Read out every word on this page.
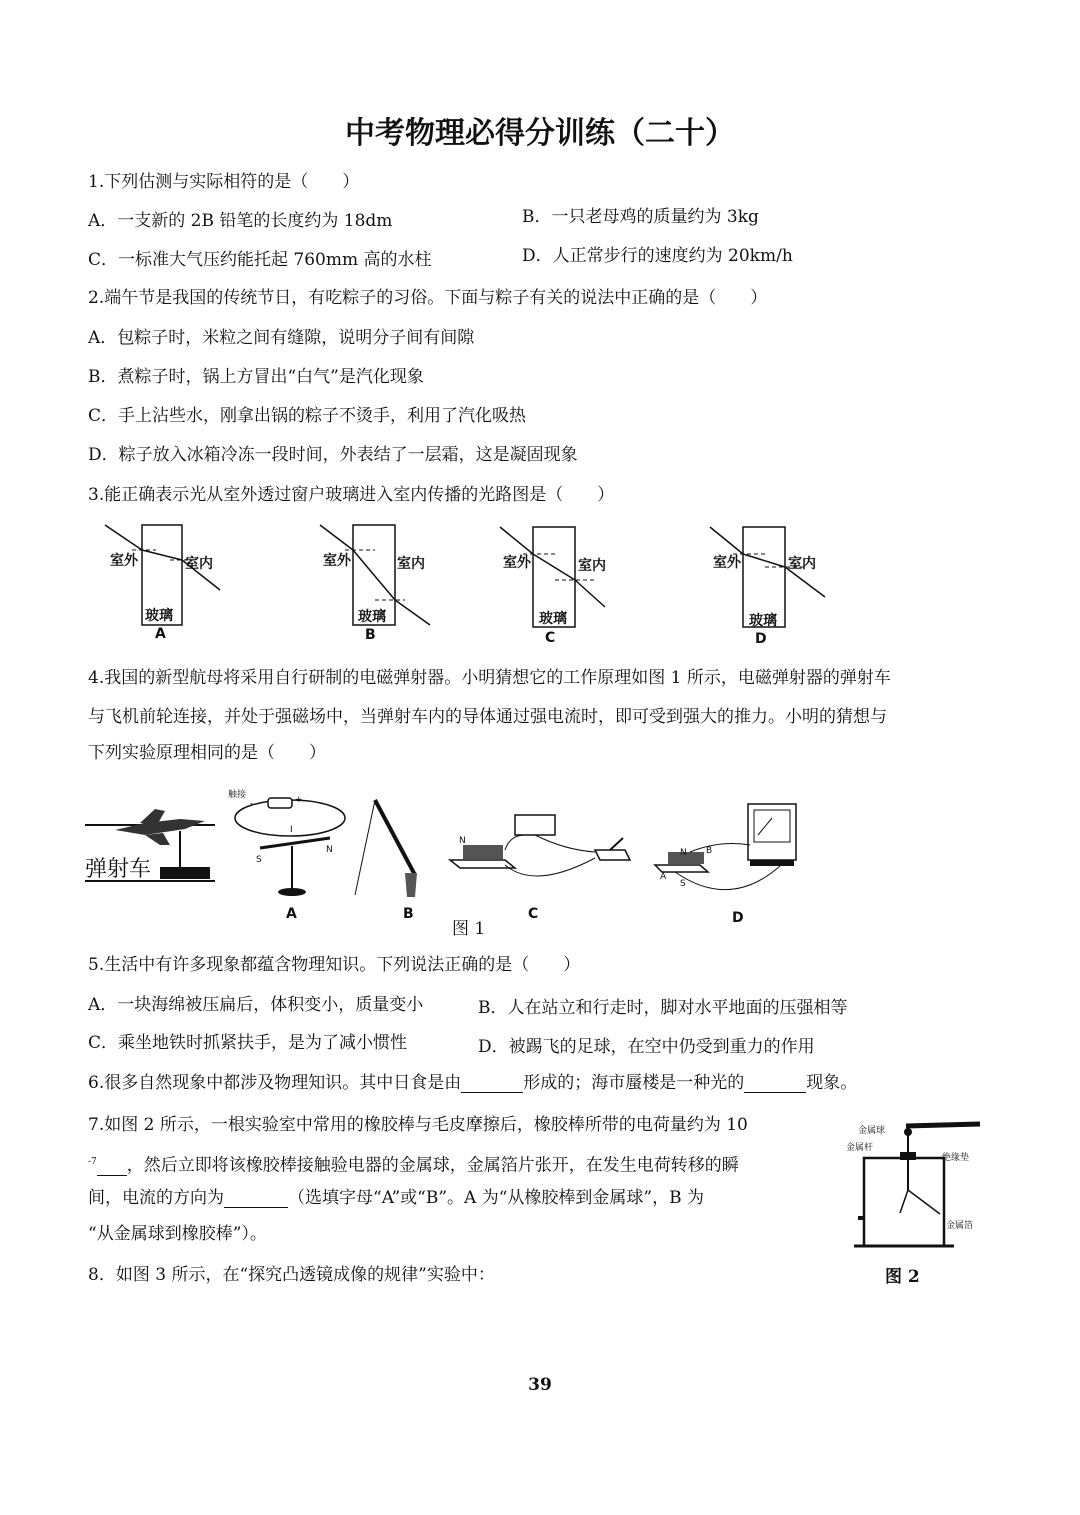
中考物理必得分训练（二十）
1.下列估测与实际相符的是（　　）
A．一支新的 2B 铅笔的长度约为 18dm	B．一只老母鸡的质量约为 3kg
C．一标准大气压约能托起 760mm 高的水柱	D．人正常步行的速度约为 20km/h
2.端午节是我国的传统节日，有吃粽子的习俗。下面与粽子有关的说法中正确的是（　　）
A．包粽子时，米粒之间有缝隙，说明分子间有间隙
B．煮粽子时，锅上方冒出“白气”是汽化现象
C．手上沾些水，刚拿出锅的粽子不烫手，利用了汽化吸热
D．粽子放入冰箱冷冻一段时间，外表结了一层霜，这是凝固现象
3.能正确表示光从室外透过窗户玻璃进入室内传播的光路图是（　　）
室外	室内
玻璃
A
室外	室内
玻璃
B
室外	室内
玻璃
C
室外	室内
玻璃
D
4.我国的新型航母将采用自行研制的电磁弹射器。小明猜想它的工作原理如图 1 所示，电磁弹射器的弹射车
与飞机前轮连接，并处于强磁场中，当弹射车内的导体通过强电流时，即可受到强大的推力。小明的猜想与
下列实验原理相同的是（　　）
弹射车
触接	+
-
I
S
N
A	B
图 1
N
C
N
S
B
A
D
5.生活中有许多现象都蕴含物理知识。下列说法正确的是（　　）
A．一块海绵被压扁后，体积变小，质量变小	B．人在站立和行走时，脚对水平地面的压强相等
C．乘坐地铁时抓紧扶手，是为了减小惯性	D．被踢飞的足球，在空中仍受到重力的作用
6.很多自然现象中都涉及物理知识。其中日食是由	形成的；海市蜃楼是一种光的	现象。
7.如图 2 所示，一根实验室中常用的橡胶棒与毛皮摩擦后，橡胶棒所带的电荷量约为 10
$^{-7}$ ，然后立即将该橡胶棒接触验电器的金属球，金属箔片张开，在发生电荷转移的瞬
间，电流的方向为	（选填字母“A”或“B”。A 为“从橡胶棒到金属球”，B 为
“从金属球到橡胶棒”）。
金属球
金属杆
绝缘垫
金属箔
图 2
8．如图 3 所示，在“探究凸透镜成像的规律”实验中：
39
